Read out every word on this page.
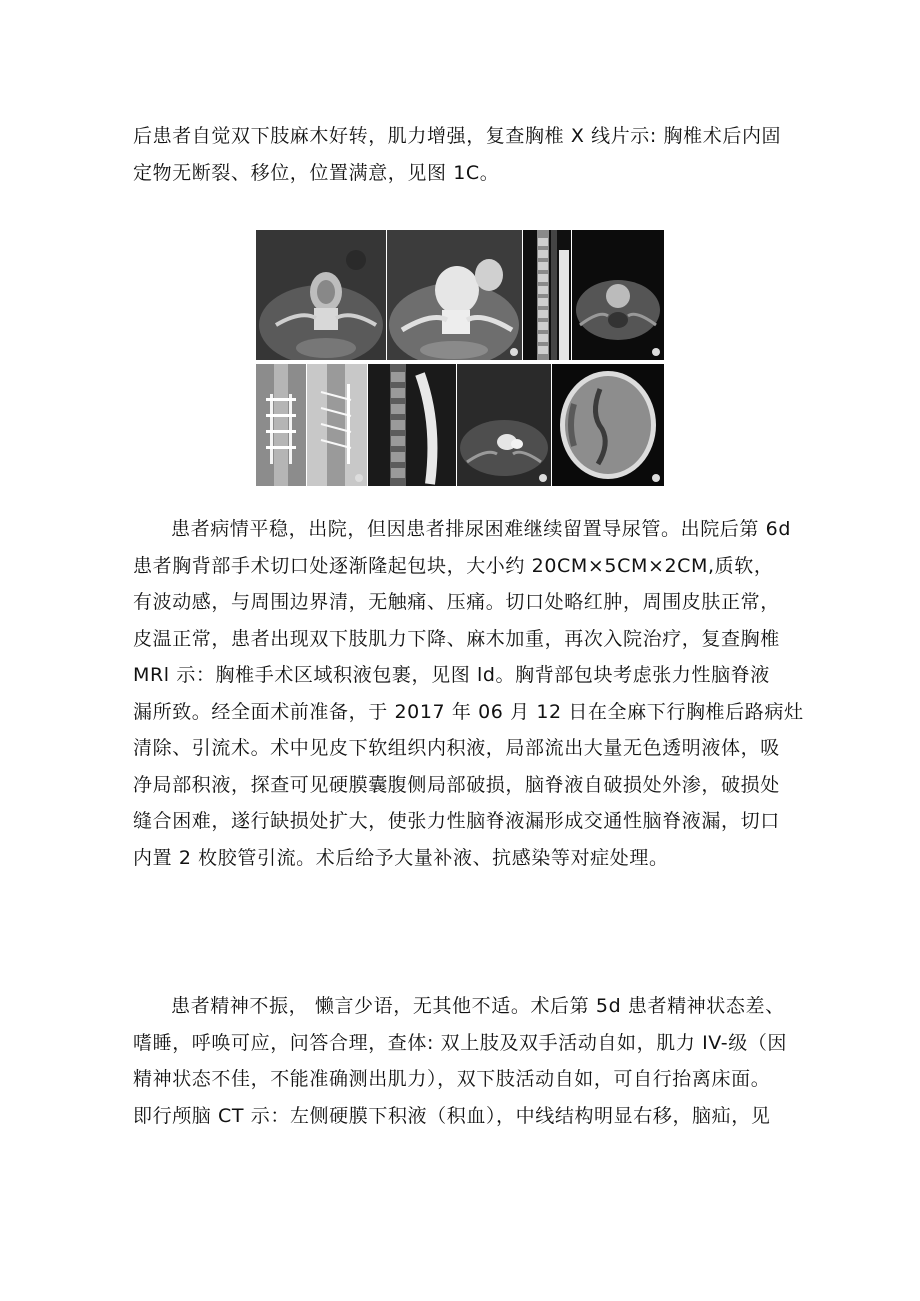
后患者自觉双下肢麻木好转，肌力增强，复查胸椎 X 线片示: 胸椎术后内固
定物无断裂、移位，位置满意，见图 1C。
患者病情平稳，出院，但因患者排尿困难继续留置导尿管。出院后第 6d
患者胸背部手术切口处逐渐隆起包块，大小约 20CM×5CM×2CM,质软，
有波动感，与周围边界清，无触痛、压痛。切口处略红肿，周围皮肤正常，
皮温正常，患者出现双下肢肌力下降、麻木加重，再次入院治疗，复查胸椎
MRl 示：胸椎手术区域积液包裹，见图 ld。胸背部包块考虑张力性脑脊液
漏所致。经全面术前准备，于 2017 年 06 月 12 日在全麻下行胸椎后路病灶
清除、引流术。术中见皮下软组织内积液，局部流出大量无色透明液体，吸
净局部积液，探查可见硬膜囊腹侧局部破损，脑脊液自破损处外渗，破损处
缝合困难，遂行缺损处扩大，使张力性脑脊液漏形成交通性脑脊液漏，切口
内置 2 枚胶管引流。术后给予大量补液、抗感染等对症处理。
患者精神不振， 懒言少语，无其他不适。术后第 5d 患者精神状态差、
嗜睡，呼唤可应，问答合理，查体: 双上肢及双手活动自如，肌力 IV-级（因
精神状态不佳，不能准确测出肌力），双下肢活动自如，可自行抬离床面。
即行颅脑 CT 示：左侧硬膜下积液（积血），中线结构明显右移，脑疝，见
